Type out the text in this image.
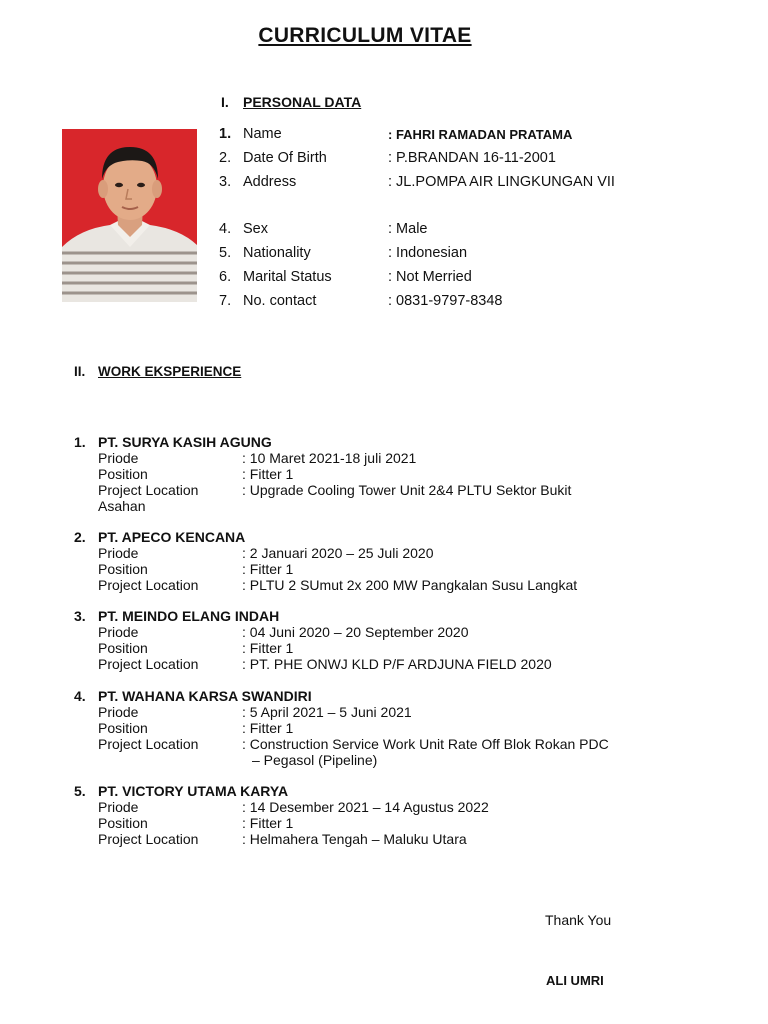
CURRICULUM VITAE
I. PERSONAL DATA
1. Name	: FAHRI RAMADAN PRATAMA
2. Date Of Birth	: P.BRANDAN 16-11-2001
3. Address	: JL.POMPA AIR LINGKUNGAN VII
4. Sex	: Male
5. Nationality	: Indonesian
6. Marital Status	: Not Merried
7. No. contact	: 0831-9797-8348
II. WORK EKSPERIENCE
1. PT. SURYA KASIH AGUNG
Priode	: 10 Maret 2021-18 juli 2021
Position	: Fitter 1
Project Location	: Upgrade Cooling Tower Unit 2&4 PLTU Sektor Bukit
Asahan
2. PT. APECO KENCANA
Priode	: 2 Januari 2020 – 25 Juli 2020
Position	: Fitter 1
Project Location	: PLTU 2 SUmut 2x 200 MW Pangkalan Susu Langkat
3. PT. MEINDO ELANG INDAH
Priode	: 04 Juni 2020 – 20 September 2020
Position	: Fitter 1
Project Location	: PT. PHE ONWJ KLD P/F ARDJUNA FIELD 2020
4. PT. WAHANA KARSA SWANDIRI
Priode	: 5 April 2021 – 5 Juni 2021
Position	: Fitter 1
Project Location	: Construction Service Work Unit Rate Off Blok Rokan PDC
– Pegasol (Pipeline)
5. PT. VICTORY UTAMA KARYA
Priode	: 14 Desember 2021 – 14 Agustus 2022
Position	: Fitter 1
Project Location	: Helmahera Tengah – Maluku Utara
Thank You
ALI UMRI
